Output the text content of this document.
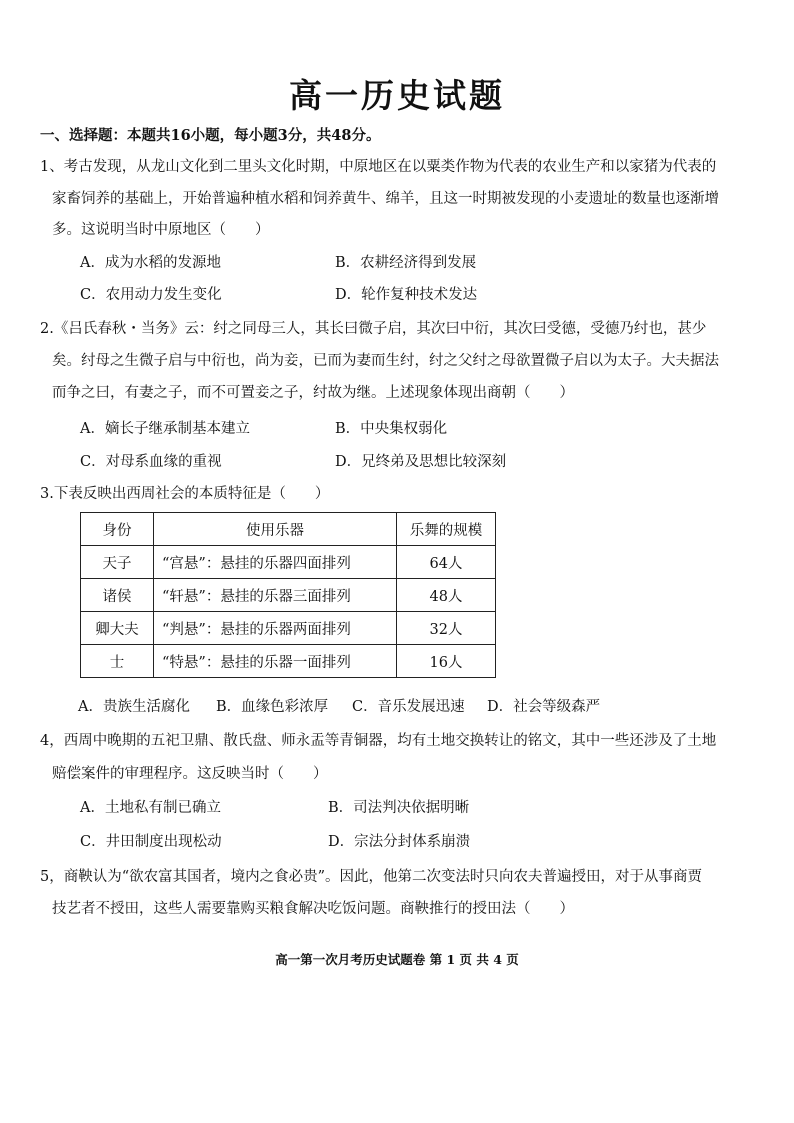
高一历史试题
一、选择题：本题共16小题，每小题3分，共48分。
1、考古发现，从龙山文化到二里头文化时期，中原地区在以粟类作物为代表的农业生产和以家猪为代表的
家畜饲养的基础上，开始普遍种植水稻和饲养黄牛、绵羊，且这一时期被发现的小麦遗址的数量也逐渐增
多。这说明当时中原地区（　　）
A．成为水稻的发源地	B．农耕经济得到发展
C．农用动力发生变化	D．轮作复种技术发达
2.《吕氏春秋・当务》云：纣之同母三人，其长曰微子启，其次曰中衍，其次曰受德，受德乃纣也，甚少
矣。纣母之生微子启与中衍也，尚为妾，已而为妻而生纣，纣之父纣之母欲置微子启以为太子。大夫据法
而争之曰，有妻之子，而不可置妾之子，纣故为继。上述现象体现出商朝（　　）
A．嫡长子继承制基本建立	B．中央集权弱化
C．对母系血缘的重视	D．兄终弟及思想比较深刻
3.下表反映出西周社会的本质特征是（　　）
身份	使用乐器	乐舞的规模
天子	“宫悬”：悬挂的乐器四面排列	64人
诸侯	“轩悬”：悬挂的乐器三面排列	48人
卿大夫	“判悬”：悬挂的乐器两面排列	32人
士	“特悬”：悬挂的乐器一面排列	16人
A．贵族生活腐化 B．血缘色彩浓厚 C．音乐发展迅速 D．社会等级森严
4，西周中晚期的五祀卫鼎、散氏盘、师永盂等青铜器，均有土地交换转让的铭文，其中一些还涉及了土地
赔偿案件的审理程序。这反映当时（　　）
A．土地私有制已确立	B．司法判决依据明晰
C．井田制度出现松动	D．宗法分封体系崩溃
5，商鞅认为“欲农富其国者，境内之食必贵”。因此，他第二次变法时只向农夫普遍授田，对于从事商贾
技艺者不授田，这些人需要靠购买粮食解决吃饭问题。商鞅推行的授田法（　　）
高一第一次月考历史试题卷 第 1 页 共 4 页
